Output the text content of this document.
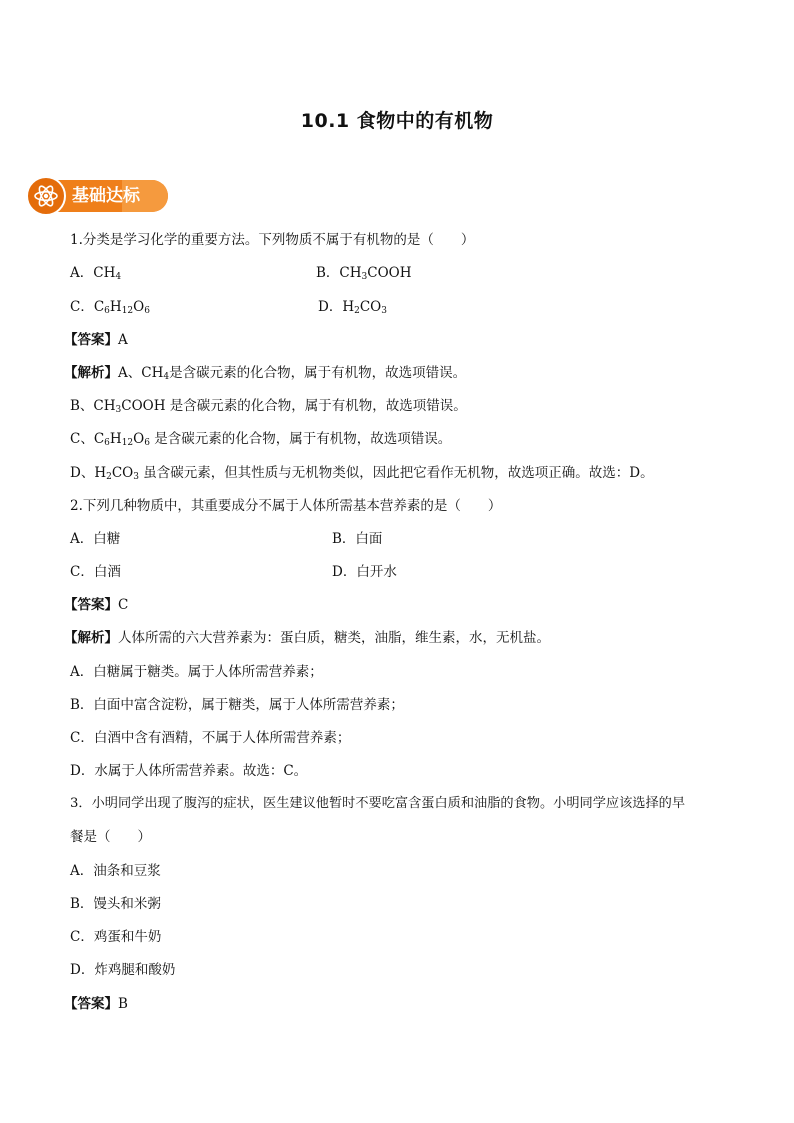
10.1 食物中的有机物
基础达标
1.分类是学习化学的重要方法。下列物质不属于有机物的是（　　）
A．$CH_4$	B．$CH_3COOH$
C．$C_6H_{12}O_6$	D．$H_2CO_3$
【答案】A
【解析】A、$CH_4$是含碳元素的化合物，属于有机物，故选项错误。
B、$CH_3COOH$ 是含碳元素的化合物，属于有机物，故选项错误。
C、$C_6H_{12}O_6$ 是含碳元素的化合物，属于有机物，故选项错误。
D、$H_2CO_3$ 虽含碳元素，但其性质与无机物类似，因此把它看作无机物，故选项正确。故选：D。
2.下列几种物质中，其重要成分不属于人体所需基本营养素的是（　　）
A．白糖	B．白面
C．白酒	D．白开水
【答案】C
【解析】人体所需的六大营养素为：蛋白质，糖类，油脂，维生素，水，无机盐。
A．白糖属于糖类。属于人体所需营养素；
B．白面中富含淀粉，属于糖类，属于人体所需营养素；
C．白酒中含有酒精，不属于人体所需营养素；
D．水属于人体所需营养素。故选：C。
3．小明同学出现了腹泻的症状，医生建议他暂时不要吃富含蛋白质和油脂的食物。小明同学应该选择的早
餐是（　　）
A．油条和豆浆
B．馒头和米粥
C．鸡蛋和牛奶
D．炸鸡腿和酸奶
【答案】B
